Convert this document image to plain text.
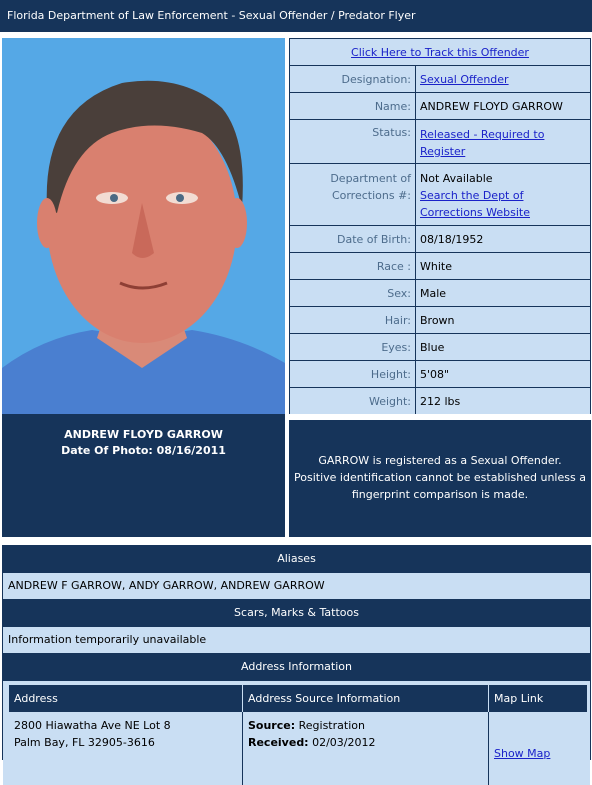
Florida Department of Law Enforcement - Sexual Offender / Predator Flyer
ANDREW FLOYD GARROW
Date Of Photo: 08/16/2011
Click Here to Track this Offender
Designation: Sexual Offender
Name: ANDREW FLOYD GARROW
Status: Released - Required to Register
Department of Corrections #:
Not Available
Search the Dept of Corrections Website
Date of Birth: 08/18/1952
Race : White
Sex: Male
Hair: Brown
Eyes: Blue
Height: 5'08"
Weight: 212 lbs
GARROW is registered as a Sexual Offender.
Positive identification cannot be established unless a
fingerprint comparison is made.
Aliases
ANDREW F GARROW, ANDY GARROW, ANDREW GARROW
Scars, Marks & Tattoos
Information temporarily unavailable
Address Information
Address	Address Source Information	Map Link
2800 Hiawatha Ave NE Lot 8
Palm Bay, FL 32905-3616
Source: Registration
Received: 02/03/2012
Show Map
